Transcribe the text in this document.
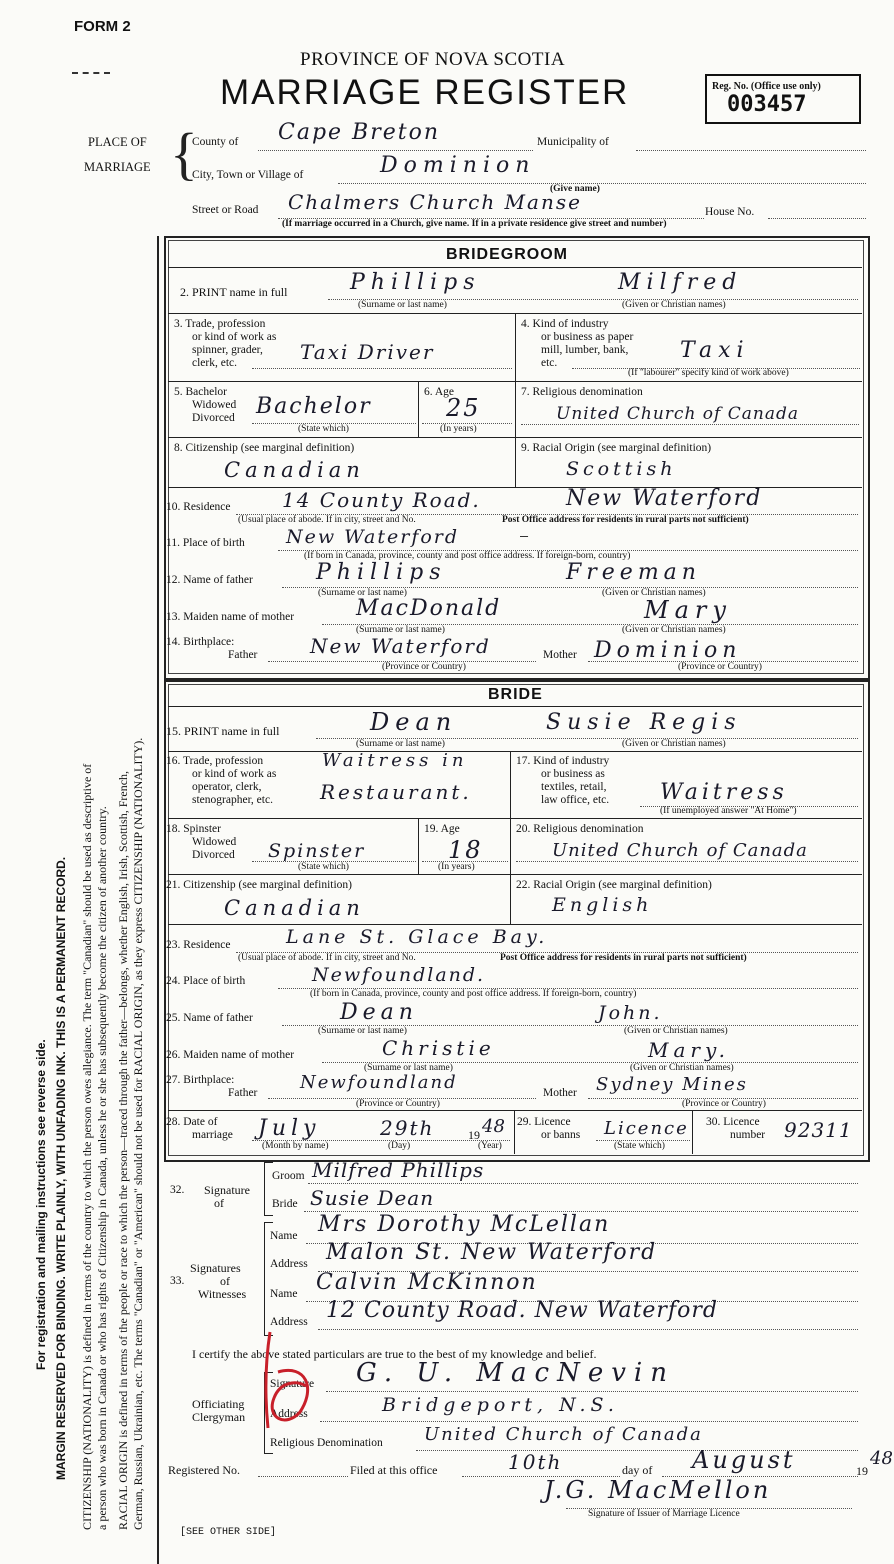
FORM 2
PROVINCE OF NOVA SCOTIA
MARRIAGE REGISTER	Reg. No. (Office use only)
003457
For registration and mailing instructions see reverse side. MARGIN RESERVED FOR BINDING. WRITE PLAINLY, WITH UNFADING INK. THIS IS A PERMANENT RECORD. CITIZENSHIP (NATIONALITY) is defined in terms of the country to which the person owes allegiance. The term "Canadian" should be used as descriptive of a person who was born in Canada or who has rights of Citizenship in Canada, unless he or she has subsequently become the citizen of another country. RACIAL ORIGIN is defined in terms of the people or race to which the person—traced through the father—belongs, whether English, Irish, Scottish, French, German, Russian, Ukrainian, etc. The terms "Canadian" or "American" should not be used for RACIAL ORIGIN, as they express CITIZENSHIP (NATIONALITY).
PLACE OF
MARRIAGE {
County of Cape Breton	Municipality of
City, Town or Village of	Dominion
(Give name)
Street or Road Chalmers Church Manse	House No.
(If marriage occurred in a Church, give name. If in a private residence give street and number)
BRIDEGROOM
2. PRINT name in full	Phillips	Milfred
(Surname or last name)	(Given or Christian names)
3. Trade, profession
or kind of work as
spinner, grader,
clerk, etc.	Taxi Driver
4. Kind of industry
or business as paper
mill, lumber, bank,
etc.	Taxi
(If "labourer" specify kind of work above)
5. Bachelor
Widowed
Divorced Bachelor
(State which)
6. Age
25
(In years)
7. Religious denomination
United Church of Canada
8. Citizenship (see marginal definition)
Canadian
9. Racial Origin (see marginal definition)
Scottish
10. Residence	14 County Road.	New Waterford
(Usual place of abode. If in city, street and No.	Post Office address for residents in rural parts not sufficient)
11. Place of birth New Waterford

(If born in Canada, province, county and post office address. If foreign-born, country)
12. Name of father	Phillips	Freeman
(Surname or last name)	(Given or Christian names)
13. Maiden name of mother	MacDonald	Mary
(Surname or last name)	(Given or Christian names)
14. Birthplace:
Father	New Waterford
(Province or Country)
Mother Dominion
(Province or Country)
BRIDE
15. PRINT name in full	Dean	Susie Regis
(Surname or last name)	(Given or Christian names)
16. Trade, profession
or kind of work as
operator, clerk,
stenographer, etc.
Waitress in
Restaurant.
17. Kind of industry
or business as
textiles, retail,
law office, etc. Waitress
(If unemployed answer "At Home")
18. Spinster
Widowed
Divorced Spinster
(State which)
19. Age
18
(In years)
20. Religious denomination
United Church of Canada
21. Citizenship (see marginal definition)
Canadian
22. Racial Origin (see marginal definition)
English
23. Residence	Lane St. Glace Bay.
(Usual place of abode. If in city, street and No.	Post Office address for residents in rural parts not sufficient)
24. Place of birth	Newfoundland.
(If born in Canada, province, county and post office address. If foreign-born, country)
25. Name of father	Dean	John.
(Surname or last name)	(Given or Christian names)
26. Maiden name of mother	Christie	Mary.
(Surname or last name)	(Given or Christian names)
27. Birthplace:
Father Newfoundland
(Province or Country)
Mother Sydney Mines
(Province or Country)
28. Date of
marriage July	29th	19 48
(Month by name)	(Day)	(Year)
29. Licence
or banns Licence
(State which)
30. Licence
number 92311
32. Signature
of
Groom Milfred Phillips
Bride Susie Dean
33.
Signatures
of
Witnesses
Name Mrs Dorothy McLellan
Address Malon St. New Waterford
Name Calvin McKinnon
Address 12 County Road. New Waterford
I certify the above stated particulars are true to the best of my knowledge and belief.
Officiating
Clergyman
Signature G. U. MacNevin
Address	Bridgeport, N.S.
Religious Denomination United Church of Canada
Registered No.	Filed at this office	10th	day of August	19
48
J.G. MacMellon
Signature of Issuer of Marriage Licence
[SEE OTHER SIDE]
